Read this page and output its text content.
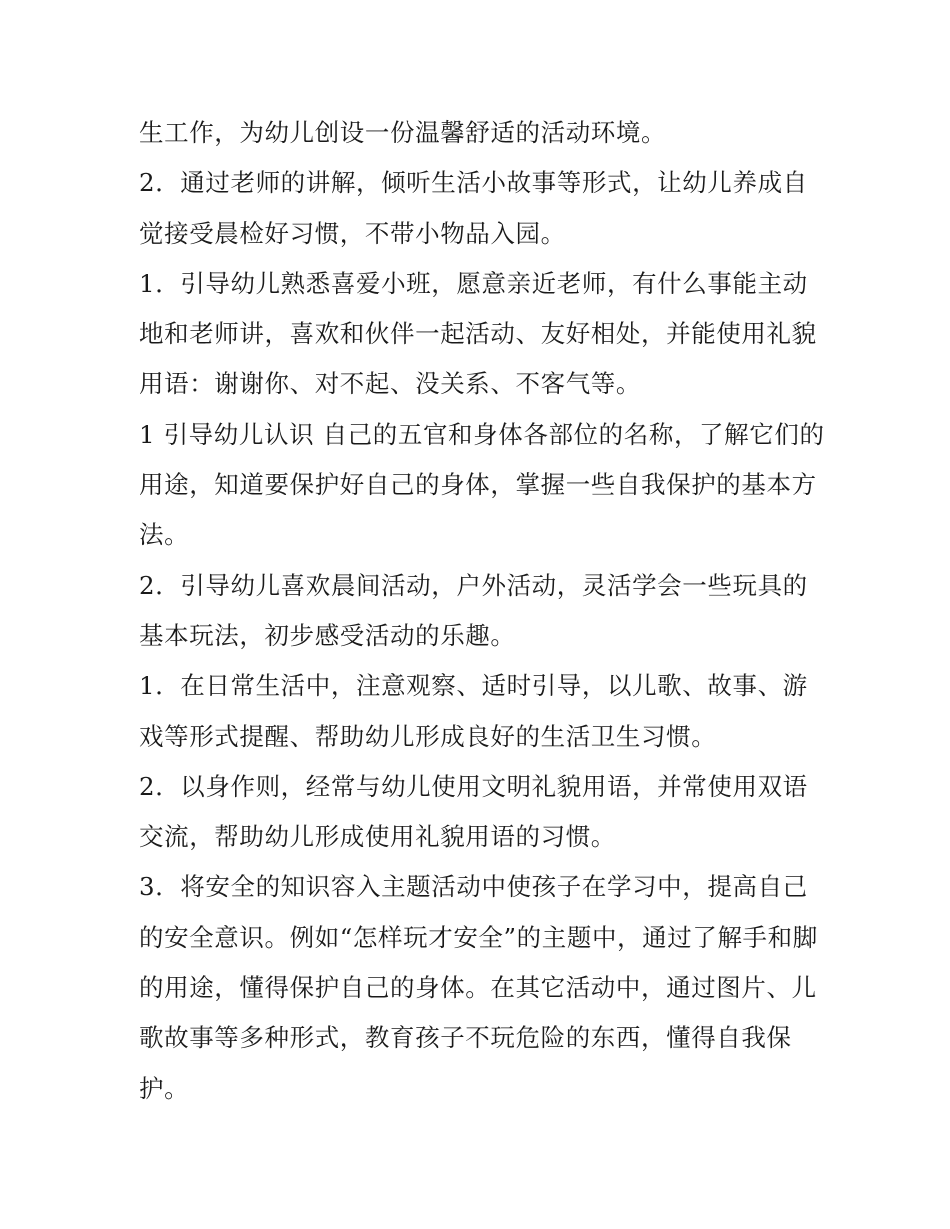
生工作，为幼儿创设一份温馨舒适的活动环境。
2．通过老师的讲解，倾听生活小故事等形式，让幼儿养成自
觉接受晨检好习惯，不带小物品入园。
1．引导幼儿熟悉喜爱小班，愿意亲近老师，有什么事能主动
地和老师讲，喜欢和伙伴一起活动、友好相处，并能使用礼貌
用语：谢谢你、对不起、没关系、不客气等。
1 引导幼儿认识 自己的五官和身体各部位的名称，了解它们的
用途，知道要保护好自己的身体，掌握一些自我保护的基本方
法。
2．引导幼儿喜欢晨间活动，户外活动，灵活学会一些玩具的
基本玩法，初步感受活动的乐趣。
1．在日常生活中，注意观察、适时引导，以儿歌、故事、游
戏等形式提醒、帮助幼儿形成良好的生活卫生习惯。
2．以身作则，经常与幼儿使用文明礼貌用语，并常使用双语
交流，帮助幼儿形成使用礼貌用语的习惯。
3．将安全的知识容入主题活动中使孩子在学习中，提高自己
的安全意识。例如“怎样玩才安全”的主题中，通过了解手和脚
的用途，懂得保护自己的身体。在其它活动中，通过图片、儿
歌故事等多种形式，教育孩子不玩危险的东西，懂得自我保
护。
